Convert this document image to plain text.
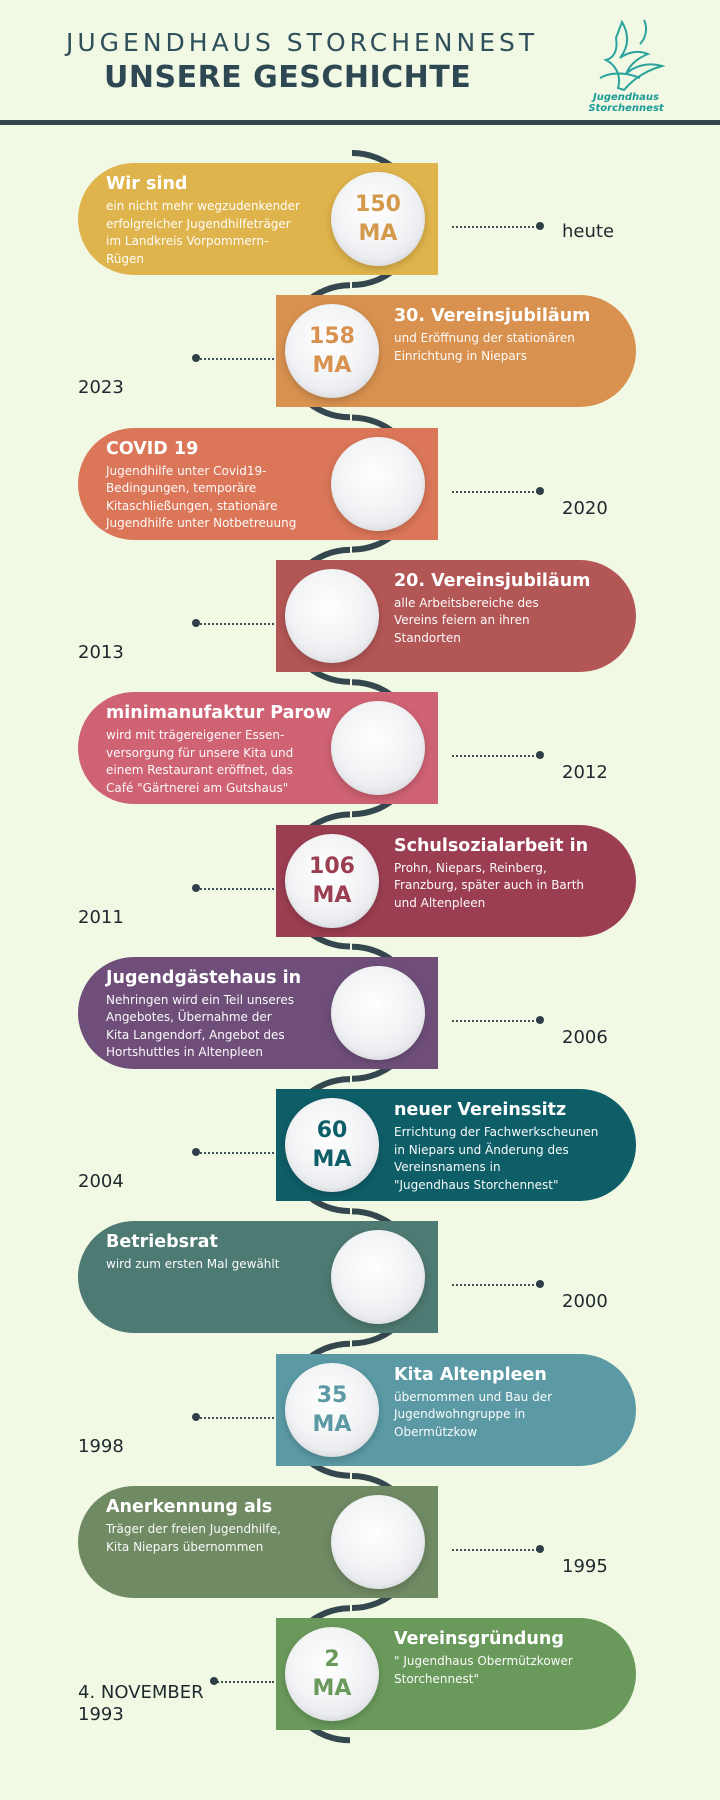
JUGENDHAUS STORCHENNEST
UNSERE GESCHICHTE
Jugendhaus
Storchennest
Wir sind
ein nicht mehr wegzudenkender
erfolgreicher Jugendhilfeträger
im Landkreis Vorpommern-
Rügen
150
MA	heute
30. Vereinsjubiläum
und Eröffnung der stationären
Einrichtung in Niepars
158
MA
2023
COVID 19
Jugendhilfe unter Covid19-
Bedingungen, temporäre
Kitaschließungen, stationäre
Jugendhilfe unter Notbetreuung
2020
20. Vereinsjubiläum
alle Arbeitsbereiche des
Vereins feiern an ihren
Standorten
2013
minimanufaktur Parow
wird mit trägereigener Essen-
versorgung für unsere Kita und
einem Restaurant eröffnet, das
Café "Gärtnerei am Gutshaus"
2012
Schulsozialarbeit in
Prohn, Niepars, Reinberg,
Franzburg, später auch in Barth
und Altenpleen
106
MA
2011
Jugendgästehaus in
Nehringen wird ein Teil unseres
Angebotes, Übernahme der
Kita Langendorf, Angebot des
Hortshuttles in Altenpleen
2006
neuer Vereinssitz
Errichtung der Fachwerkscheunen
in Niepars und Änderung des
Vereinsnamens in
"Jugendhaus Storchennest"
60
MA
2004
Betriebsrat
wird zum ersten Mal gewählt
2000
Kita Altenpleen
übernommen und Bau der
Jugendwohngruppe in
Obermützkow
35
MA
1998
Anerkennung als
Träger der freien Jugendhilfe,
Kita Niepars übernommen
1995
Vereinsgründung
" Jugendhaus Obermützkower
Storchennest"
2
MA
4. NOVEMBER
1993
